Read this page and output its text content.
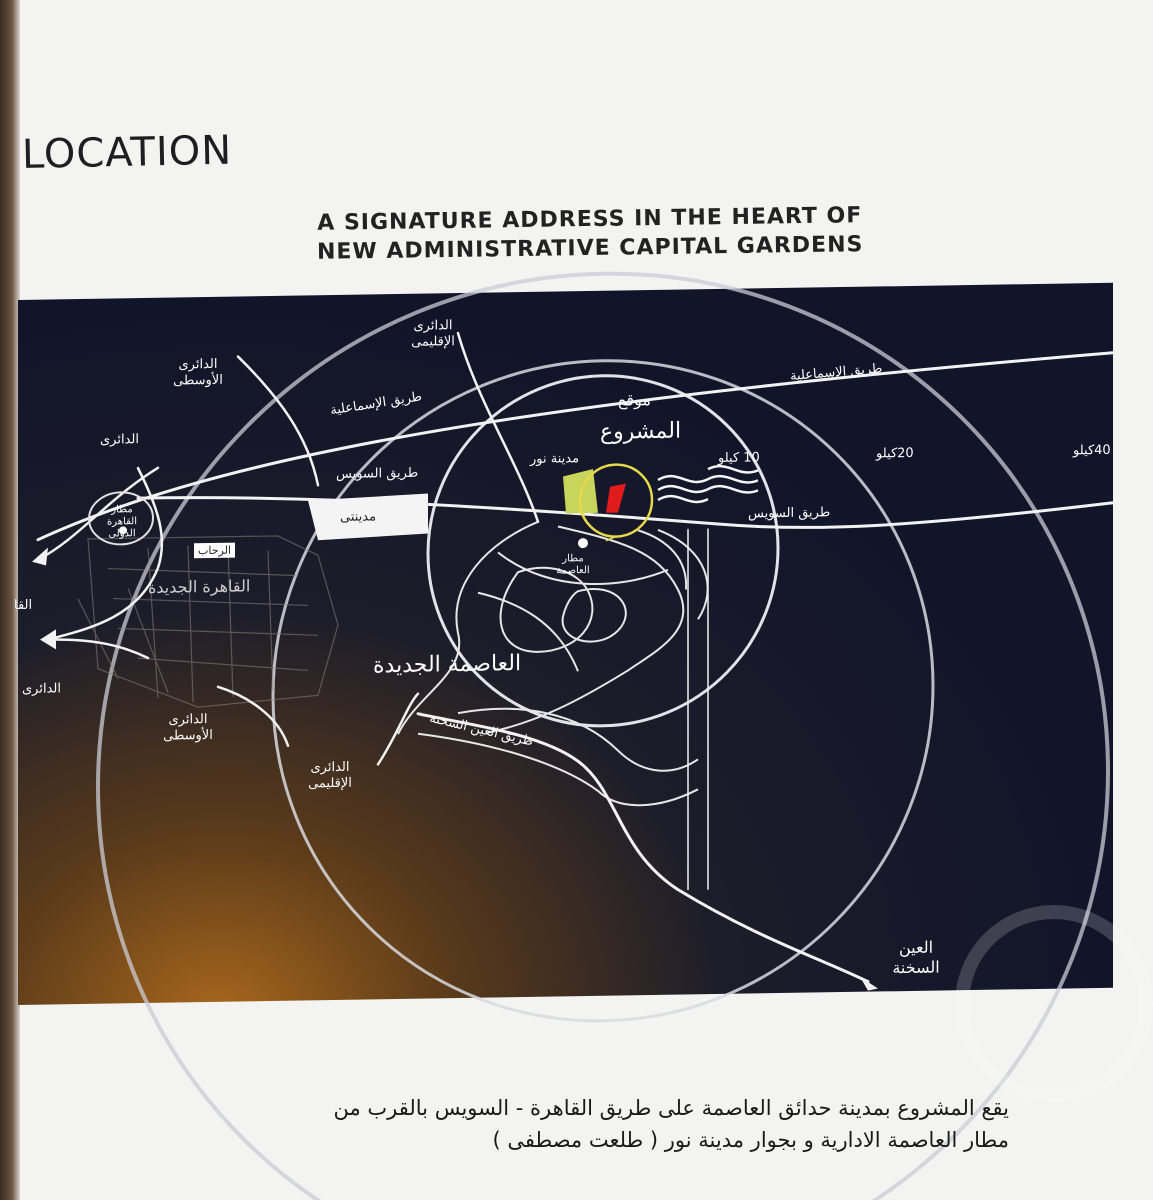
LOCATION
A SIGNATURE ADDRESS IN THE HEART OF
NEW ADMINISTRATIVE CAPITAL GARDENS
موقع
المشروع
مدينة نور	10 كيلو	20كيلو	40كيلو
طريق السويس
طريق السويس
طريق الإسماعلية
طريق الإسماعلية
الدائرى الإقليمى
الدائرى الأوسطى
الدائرى
مدينتى
الرحاب
القاهرة الجديدة
مطار القاهرة الدولى
مطار العاصمة
العاصمة الجديدة
طريق العين السخنة
الدائرى
القا
الدائرى الأوسطى
الدائرى الإقليمى
العين السخنة
يقع المشروع بمدينة حدائق العاصمة على طريق القاهرة - السويس بالقرب من
مطار العاصمة الادارية و بجوار مدينة نور ( طلعت مصطفى )
